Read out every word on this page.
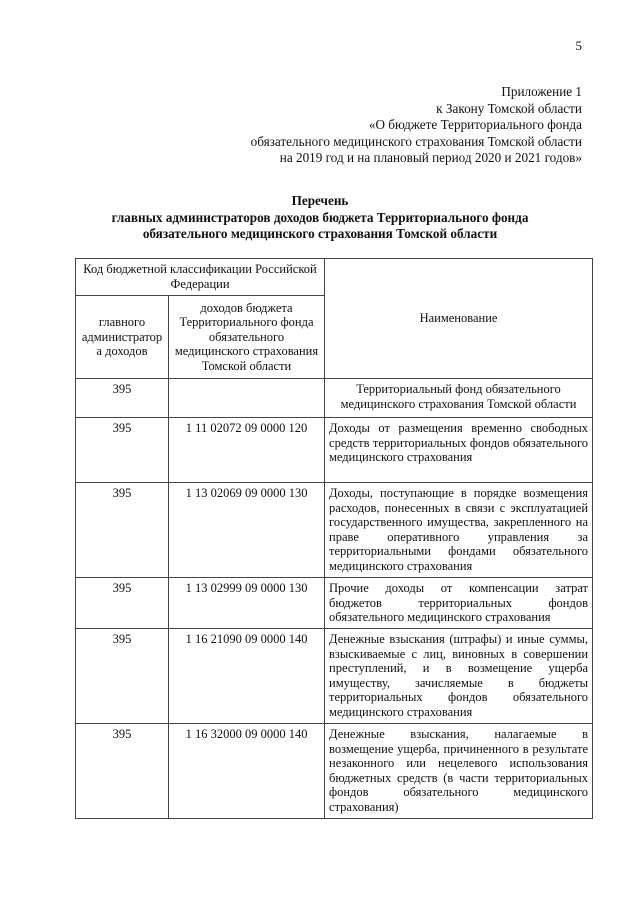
5
Приложение 1
к Закону Томской области
«О бюджете Территориального фонда
обязательного медицинского страхования Томской области
на 2019 год и на плановый период 2020 и 2021 годов»
Перечень
главных администраторов доходов бюджета Территориального фонда
обязательного медицинского страхования Томской области
Код бюджетной классификации Российской Федерации		Наименование
главного администратора доходов	доходов бюджета Территориального фонда обязательного медицинского страхования Томской области	
395		Территориальный фонд обязательного медицинского страхования Томской области
395	1 11 02072 09 0000 120	Доходы от размещения временно свободных средств территориальных фондов обязательного медицинского страхования
395	1 13 02069 09 0000 130	Доходы, поступающие в порядке возмещения расходов, понесенных в связи с эксплуатацией государственного имущества, закрепленного на праве оперативного управления за территориальными фондами обязательного медицинского страхования
395	1 13 02999 09 0000 130	Прочие доходы от компенсации затрат бюджетов территориальных фондов обязательного медицинского страхования
395	1 16 21090 09 0000 140	Денежные взыскания (штрафы) и иные суммы, взыскиваемые с лиц, виновных в совершении преступлений, и в возмещение ущерба имуществу, зачисляемые в бюджеты территориальных фондов обязательного медицинского страхования
395	1 16 32000 09 0000 140	Денежные взыскания, налагаемые в возмещение ущерба, причиненного в результате незаконного или нецелевого использования бюджетных средств (в части территориальных фондов обязательного медицинского страхования)
